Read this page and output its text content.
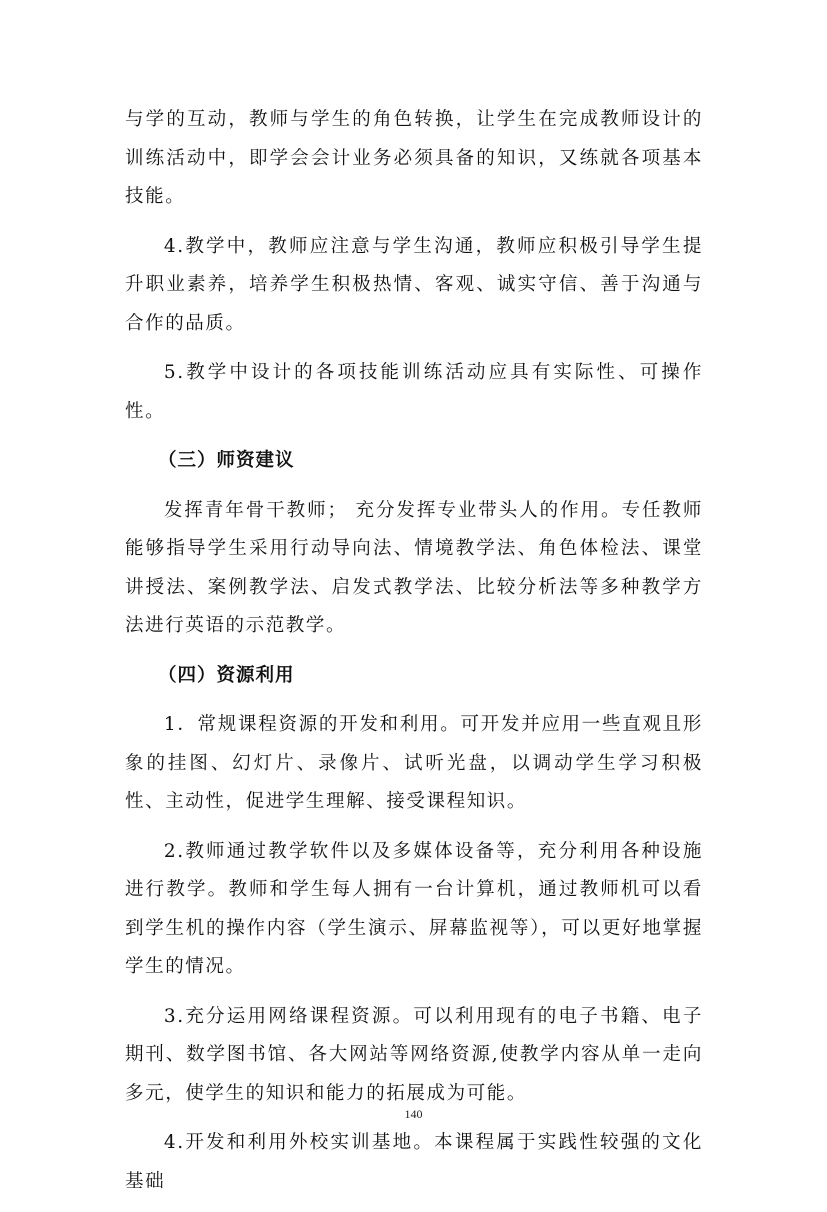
与学的互动，教师与学生的角色转换，让学生在完成教师设计的训练活动中，即学会会计业务必须具备的知识，又练就各项基本技能。

4.教学中，教师应注意与学生沟通，教师应积极引导学生提升职业素养，培养学生积极热情、客观、诚实守信、善于沟通与合作的品质。

5.教学中设计的各项技能训练活动应具有实际性、可操作性。

（三）师资建议

发挥青年骨干教师； 充分发挥专业带头人的作用。专任教师能够指导学生采用行动导向法、情境教学法、角色体检法、课堂讲授法、案例教学法、启发式教学法、比较分析法等多种教学方法进行英语的示范教学。

（四）资源利用

1．常规课程资源的开发和利用。可开发并应用一些直观且形象的挂图、幻灯片、录像片、试听光盘，以调动学生学习积极性、主动性，促进学生理解、接受课程知识。

2.教师通过教学软件以及多媒体设备等，充分利用各种设施进行教学。教师和学生每人拥有一台计算机，通过教师机可以看到学生机的操作内容（学生演示、屏幕监视等），可以更好地掌握学生的情况。

3.充分运用网络课程资源。可以利用现有的电子书籍、电子期刊、数学图书馆、各大网站等网络资源,使教学内容从单一走向多元，使学生的知识和能力的拓展成为可能。

4.开发和利用外校实训基地。本课程属于实践性较强的文化基础

140
